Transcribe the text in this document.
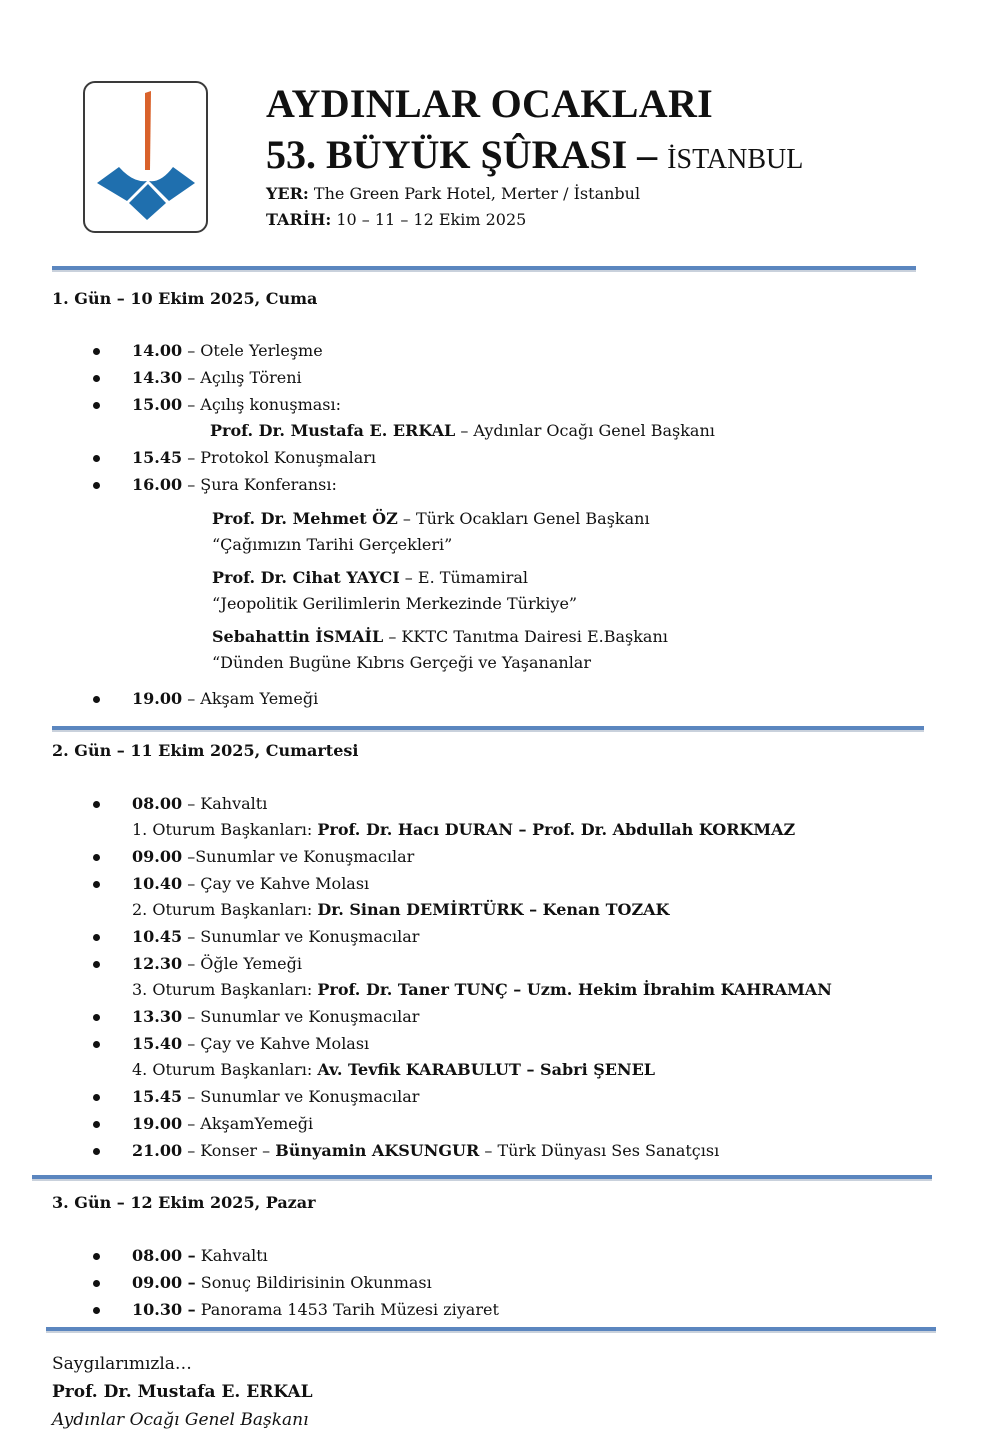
AYDINLAR OCAKLARI
53. BÜYÜK ŞÛRASI – İSTANBUL
YER: The Green Park Hotel, Merter / İstanbul
TARİH: 10 – 11 – 12 Ekim 2025
1. Gün – 10 Ekim 2025, Cuma
14.00 – Otele Yerleşme
14.30 – Açılış Töreni
15.00 – Açılış konuşması:
Prof. Dr. Mustafa E. ERKAL – Aydınlar Ocağı Genel Başkanı
15.45 – Protokol Konuşmaları
16.00 – Şura Konferansı:
Prof. Dr. Mehmet ÖZ – Türk Ocakları Genel Başkanı
“Çağımızın Tarihi Gerçekleri”
Prof. Dr. Cihat YAYCI – E. Tümamiral
“Jeopolitik Gerilimlerin Merkezinde Türkiye”
Sebahattin İSMAİL – KKTC Tanıtma Dairesi E.Başkanı
“Dünden Bugüne Kıbrıs Gerçeği ve Yaşananlar
19.00 – Akşam Yemeği
2. Gün – 11 Ekim 2025, Cumartesi
08.00 – Kahvaltı
1. Oturum Başkanları: Prof. Dr. Hacı DURAN – Prof. Dr. Abdullah KORKMAZ
09.00 –Sunumlar ve Konuşmacılar
10.40 – Çay ve Kahve Molası
2. Oturum Başkanları: Dr. Sinan DEMİRTÜRK – Kenan TOZAK
10.45 – Sunumlar ve Konuşmacılar
12.30 – Öğle Yemeği
3. Oturum Başkanları: Prof. Dr. Taner TUNÇ – Uzm. Hekim İbrahim KAHRAMAN
13.30 – Sunumlar ve Konuşmacılar
15.40 – Çay ve Kahve Molası
4. Oturum Başkanları: Av. Tevfik KARABULUT – Sabri ŞENEL
15.45 – Sunumlar ve Konuşmacılar
19.00 – AkşamYemeği
21.00 – Konser – Bünyamin AKSUNGUR – Türk Dünyası Ses Sanatçısı
3. Gün – 12 Ekim 2025, Pazar
08.00 – Kahvaltı
09.00 – Sonuç Bildirisinin Okunması
10.30 – Panorama 1453 Tarih Müzesi ziyaret
Saygılarımızla…
Prof. Dr. Mustafa E. ERKAL
Aydınlar Ocağı Genel Başkanı
